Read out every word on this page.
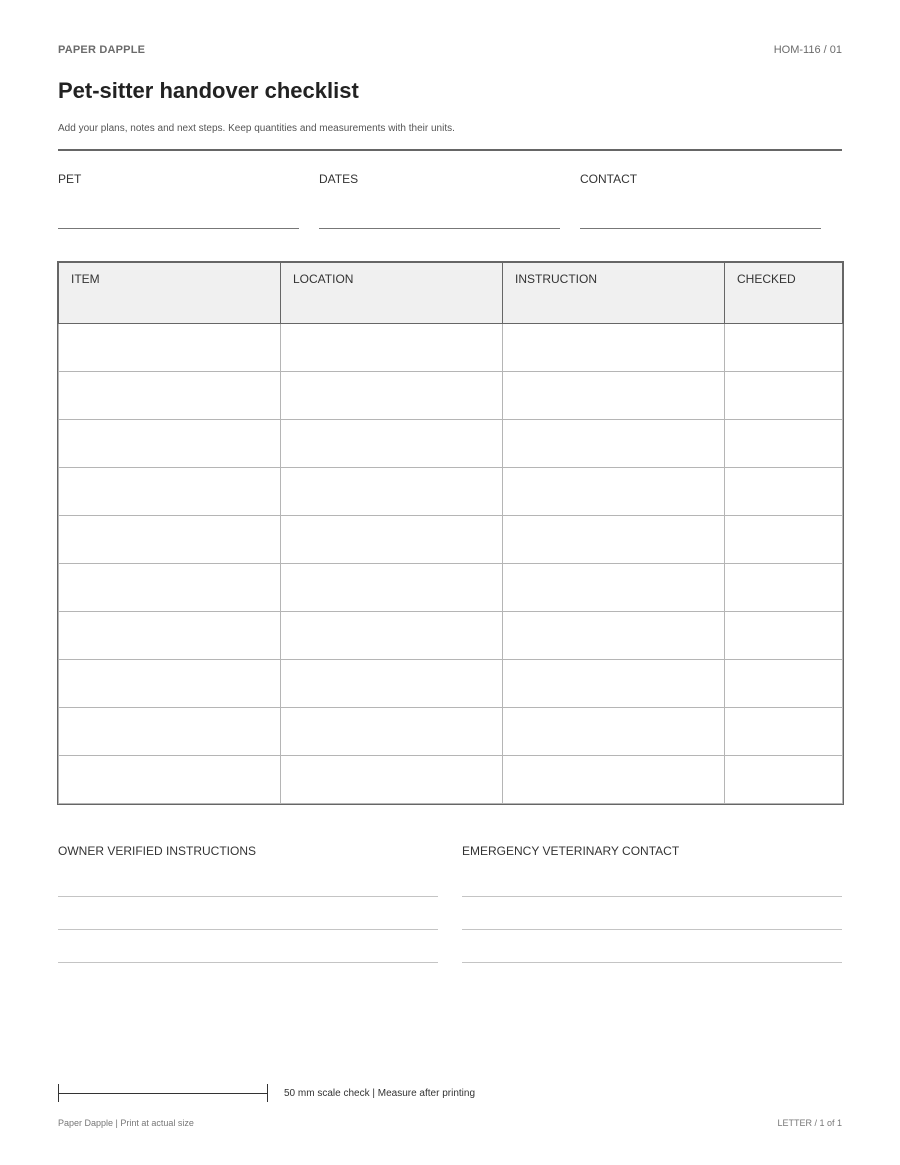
PAPER DAPPLE	HOM-116 / 01
Pet-sitter handover checklist
Add your plans, notes and next steps. Keep quantities and measurements with their units.
PET	DATES	CONTACT
ITEM	LOCATION	INSTRUCTION	CHECKED

OWNER VERIFIED INSTRUCTIONS	EMERGENCY VETERINARY CONTACT
50 mm scale check | Measure after printing
Paper Dapple | Print at actual size	LETTER / 1 of 1
